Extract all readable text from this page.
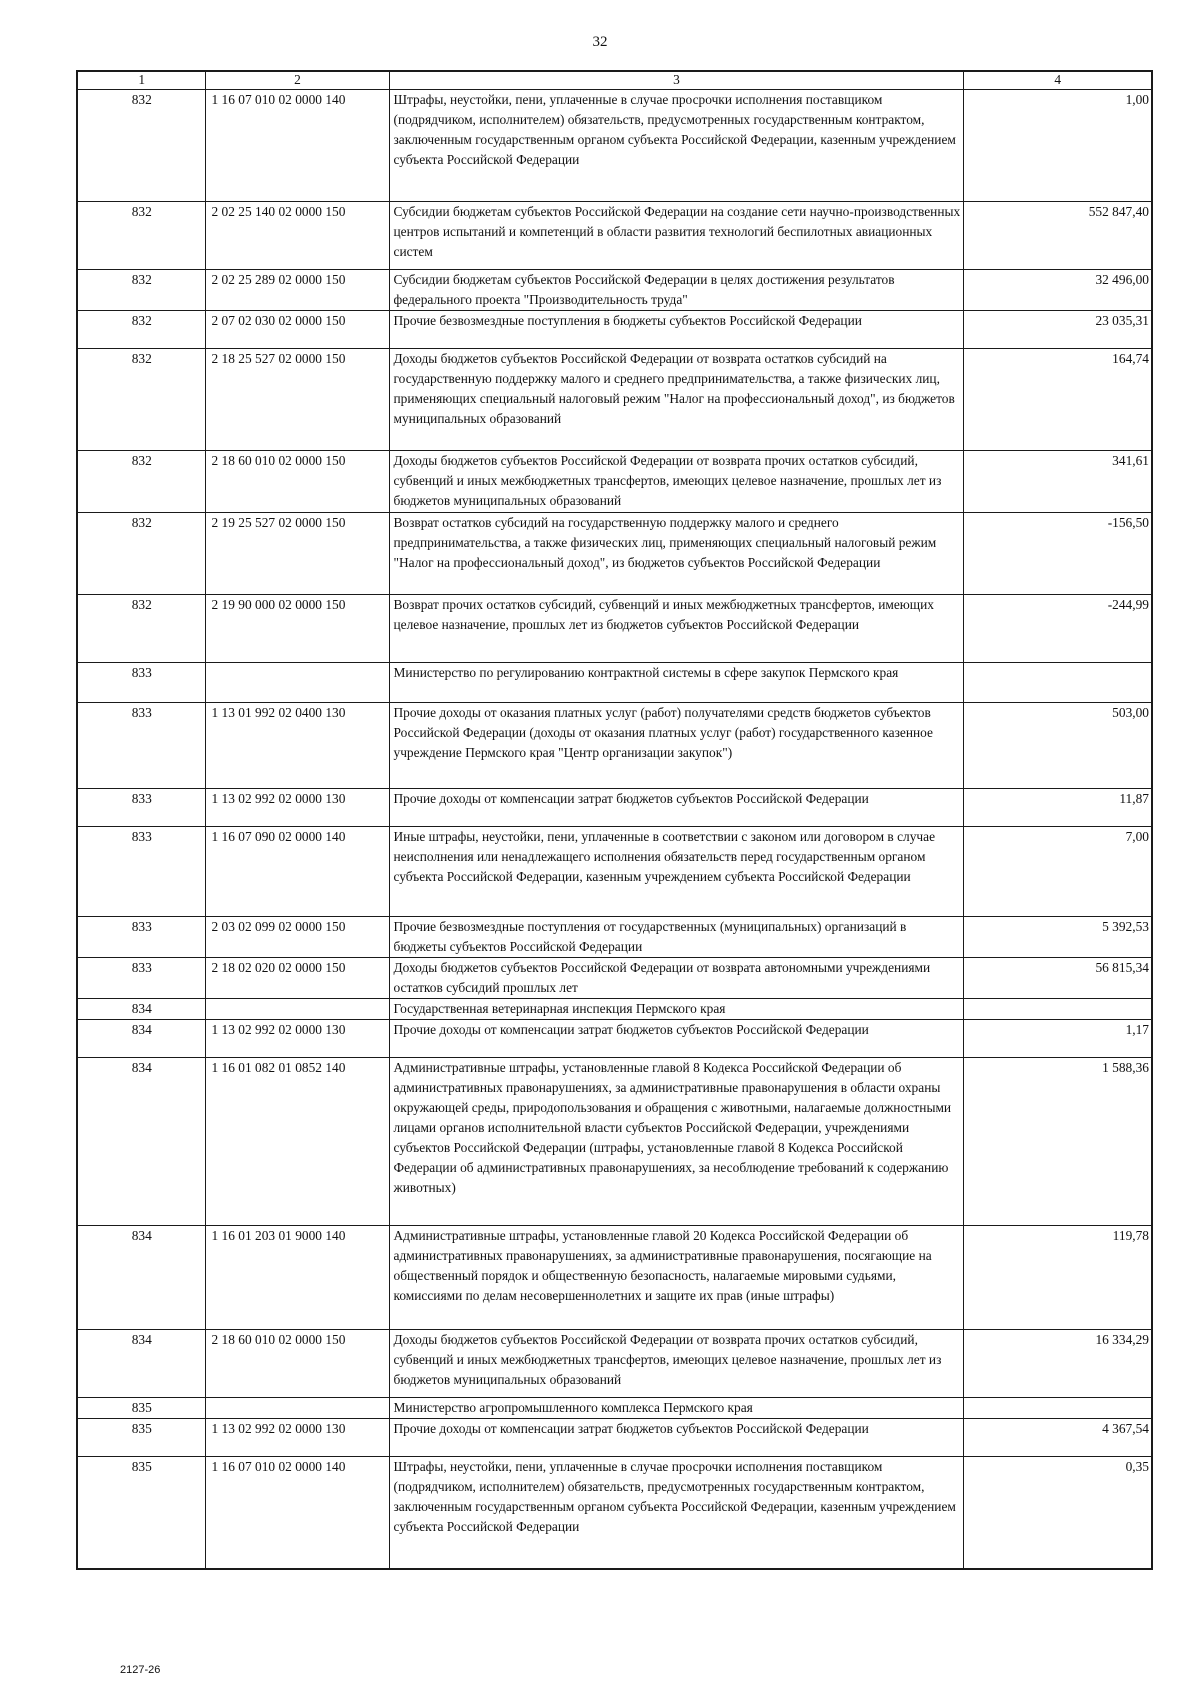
32
1	2	3	4
832	1 16 07 010 02 0000 140	Штрафы, неустойки, пени, уплаченные в случае просрочки исполнения поставщиком (подрядчиком, исполнителем) обязательств, предусмотренных государственным контрактом, заключенным государственным органом субъекта Российской Федерации, казенным учреждением субъекта Российской Федерации	1,00
832	2 02 25 140 02 0000 150	Субсидии бюджетам субъектов Российской Федерации на создание сети научно-производственных центров испытаний и компетенций в области развития технологий беспилотных авиационных систем	552 847,40
832	2 02 25 289 02 0000 150	Субсидии бюджетам субъектов Российской Федерации в целях достижения результатов федерального проекта "Производительность труда"	32 496,00
832	2 07 02 030 02 0000 150	Прочие безвозмездные поступления в бюджеты субъектов Российской Федерации	23 035,31
832	2 18 25 527 02 0000 150	Доходы бюджетов субъектов Российской Федерации от возврата остатков субсидий на государственную поддержку малого и среднего предпринимательства, а также физических лиц, применяющих специальный налоговый режим "Налог на профессиональный доход", из бюджетов муниципальных образований	164,74
832	2 18 60 010 02 0000 150	Доходы бюджетов субъектов Российской Федерации от возврата прочих остатков субсидий, субвенций и иных межбюджетных трансфертов, имеющих целевое назначение, прошлых лет из бюджетов муниципальных образований	341,61
832	2 19 25 527 02 0000 150	Возврат остатков субсидий на государственную поддержку малого и среднего предпринимательства, а также физических лиц, применяющих специальный налоговый режим "Налог на профессиональный доход", из бюджетов субъектов Российской Федерации	-156,50
832	2 19 90 000 02 0000 150	Возврат прочих остатков субсидий, субвенций и иных межбюджетных трансфертов, имеющих целевое назначение, прошлых лет из бюджетов субъектов Российской Федерации	-244,99
833		Министерство по регулированию контрактной системы в сфере закупок Пермского края	
833	1 13 01 992 02 0400 130	Прочие доходы от оказания платных услуг (работ) получателями средств бюджетов субъектов Российской Федерации (доходы от оказания платных услуг (работ) государственного казенное учреждение Пермского края "Центр организации закупок")	503,00
833	1 13 02 992 02 0000 130	Прочие доходы от компенсации затрат бюджетов субъектов Российской Федерации	11,87
833	1 16 07 090 02 0000 140	Иные штрафы, неустойки, пени, уплаченные в соответствии с законом или договором в случае неисполнения или ненадлежащего исполнения обязательств перед государственным органом субъекта Российской Федерации, казенным учреждением субъекта Российской Федерации	7,00
833	2 03 02 099 02 0000 150	Прочие безвозмездные поступления от государственных (муниципальных) организаций в бюджеты субъектов Российской Федерации	5 392,53
833	2 18 02 020 02 0000 150	Доходы бюджетов субъектов Российской Федерации от возврата автономными учреждениями остатков субсидий прошлых лет	56 815,34
834		Государственная ветеринарная инспекция Пермского края	
834	1 13 02 992 02 0000 130	Прочие доходы от компенсации затрат бюджетов субъектов Российской Федерации	1,17
834	1 16 01 082 01 0852 140	Административные штрафы, установленные главой 8 Кодекса Российской Федерации об административных правонарушениях, за административные правонарушения в области охраны окружающей среды, природопользования и обращения с животными, налагаемые должностными лицами органов исполнительной власти субъектов Российской Федерации, учреждениями субъектов Российской Федерации (штрафы, установленные главой 8 Кодекса Российской Федерации об административных правонарушениях, за несоблюдение требований к содержанию животных)	1 588,36
834	1 16 01 203 01 9000 140	Административные штрафы, установленные главой 20 Кодекса Российской Федерации об административных правонарушениях, за административные правонарушения, посягающие на общественный порядок и общественную безопасность, налагаемые мировыми судьями, комиссиями по делам несовершеннолетних и защите их прав (иные штрафы)	119,78
834	2 18 60 010 02 0000 150	Доходы бюджетов субъектов Российской Федерации от возврата прочих остатков субсидий, субвенций и иных межбюджетных трансфертов, имеющих целевое назначение, прошлых лет из бюджетов муниципальных образований	16 334,29
835		Министерство агропромышленного комплекса Пермского края	
835	1 13 02 992 02 0000 130	Прочие доходы от компенсации затрат бюджетов субъектов Российской Федерации	4 367,54
835	1 16 07 010 02 0000 140	Штрафы, неустойки, пени, уплаченные в случае просрочки исполнения поставщиком (подрядчиком, исполнителем) обязательств, предусмотренных государственным контрактом, заключенным государственным органом субъекта Российской Федерации, казенным учреждением субъекта Российской Федерации	0,35
2127-26
